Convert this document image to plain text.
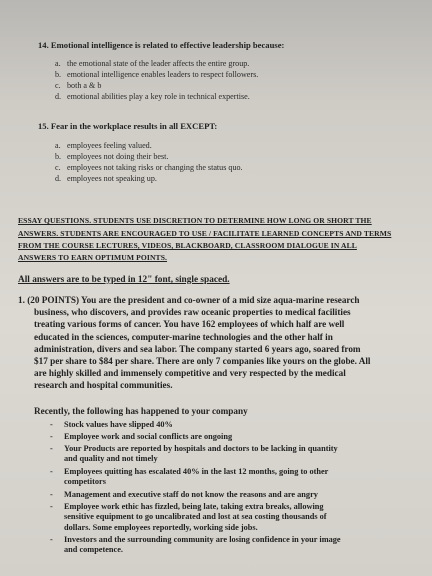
14. Emotional intelligence is related to effective leadership because:
a. the emotional state of the leader affects the entire group.
b. emotional intelligence enables leaders to respect followers.
c. both a & b
d. emotional abilities play a key role in technical expertise.
15. Fear in the workplace results in all EXCEPT:
a. employees feeling valued.
b. employees not doing their best.
c. employees not taking risks or changing the status quo.
d. employees not speaking up.
ESSAY QUESTIONS. STUDENTS USE DISCRETION TO DETERMINE HOW LONG OR SHORT THE
ANSWERS. STUDENTS ARE ENCOURAGED TO USE / FACILITATE LEARNED CONCEPTS AND TERMS
FROM THE COURSE LECTURES, VIDEOS, BLACKBOARD, CLASSROOM DIALOGUE IN ALL
ANSWERS TO EARN OPTIMUM POINTS.
All answers are to be typed in 12" font, single spaced.
1. (20 POINTS) You are the president and co-owner of a mid size aqua-marine research
business, who discovers, and provides raw oceanic properties to medical facilities
treating various forms of cancer. You have 162 employees of which half are well
educated in the sciences, computer-marine technologies and the other half in
administration, divers and sea labor. The company started 6 years ago, soared from
$17 per share to $84 per share. There are only 7 companies like yours on the globe. All
are highly skilled and immensely competitive and very respected by the medical
research and hospital communities.
Recently, the following has happened to your company
- Stock values have slipped 40%
- Employee work and social conflicts are ongoing
- Your Products are reported by hospitals and doctors to be lacking in quantity
and quality and not timely
- Employees quitting has escalated 40% in the last 12 months, going to other
competitors
- Management and executive staff do not know the reasons and are angry
- Employee work ethic has fizzled, being late, taking extra breaks, allowing
sensitive equipment to go uncalibrated and lost at sea costing thousands of
dollars. Some employees reportedly, working side jobs.
- Investors and the surrounding community are losing confidence in your image
and competence.
